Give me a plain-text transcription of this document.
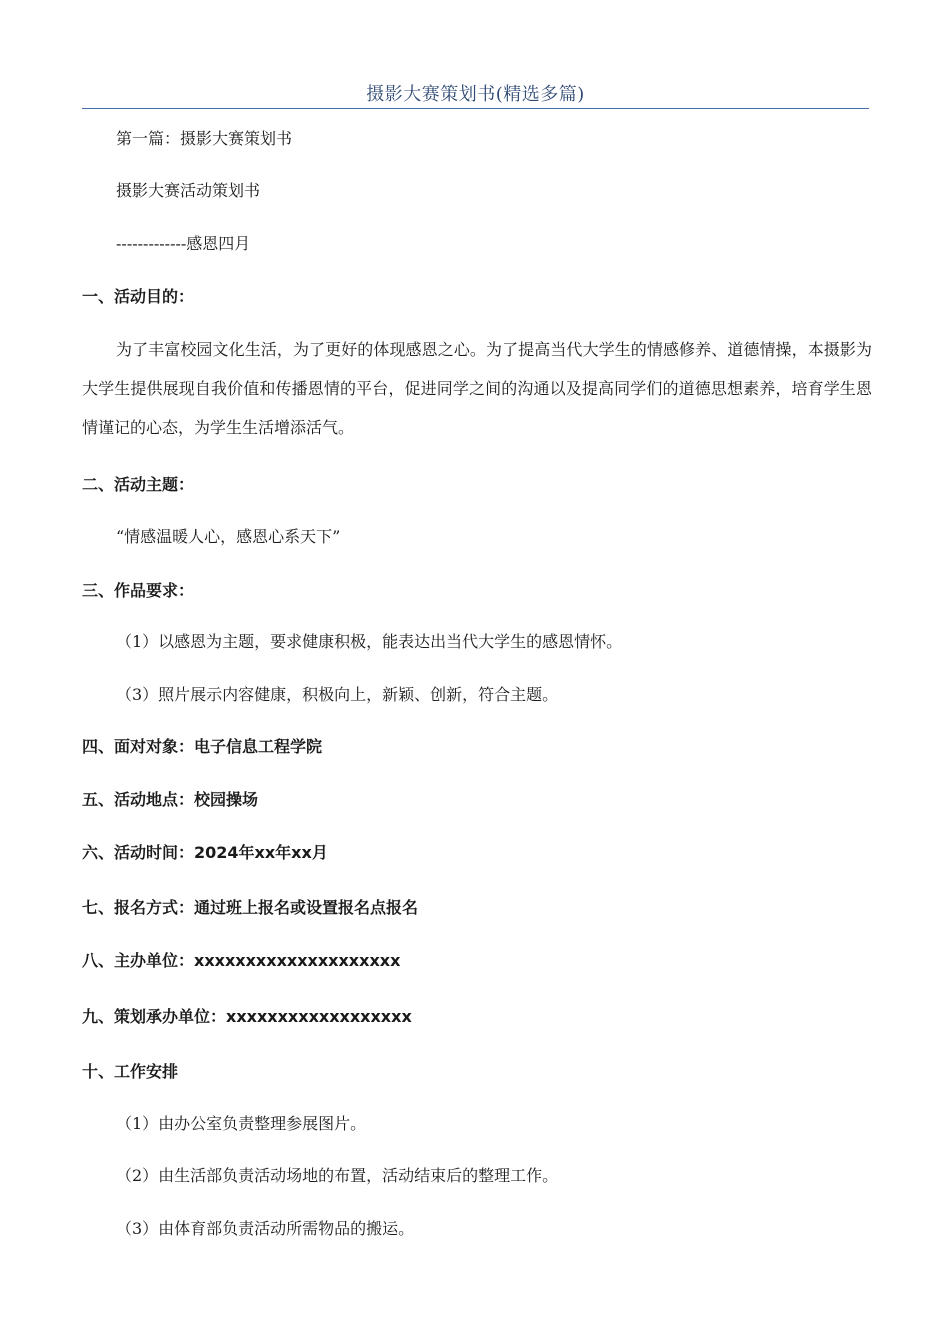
摄影大赛策划书(精选多篇)
第一篇：摄影大赛策划书
摄影大赛活动策划书
-------------感恩四月
一、活动目的：
为了丰富校园文化生活，为了更好的体现感恩之心。为了提高当代大学生的情感修养、道德情操，本摄影为大学生提供展现自我价值和传播恩情的平台，促进同学之间的沟通以及提高同学们的道德思想素养，培育学生恩情谨记的心态，为学生生活增添活气。
二、活动主题：
“情感温暖人心，感恩心系天下”
三、作品要求：
（1）以感恩为主题，要求健康积极，能表达出当代大学生的感恩情怀。
（3）照片展示内容健康，积极向上，新颖、创新，符合主题。
四、面对对象：电子信息工程学院
五、活动地点：校园操场
六、活动时间：2024年xx年xx月
七、报名方式：通过班上报名或设置报名点报名
八、主办单位：xxxxxxxxxxxxxxxxxxxx
九、策划承办单位：xxxxxxxxxxxxxxxxxx
十、工作安排
（1）由办公室负责整理参展图片。
（2）由生活部负责活动场地的布置，活动结束后的整理工作。
（3）由体育部负责活动所需物品的搬运。
